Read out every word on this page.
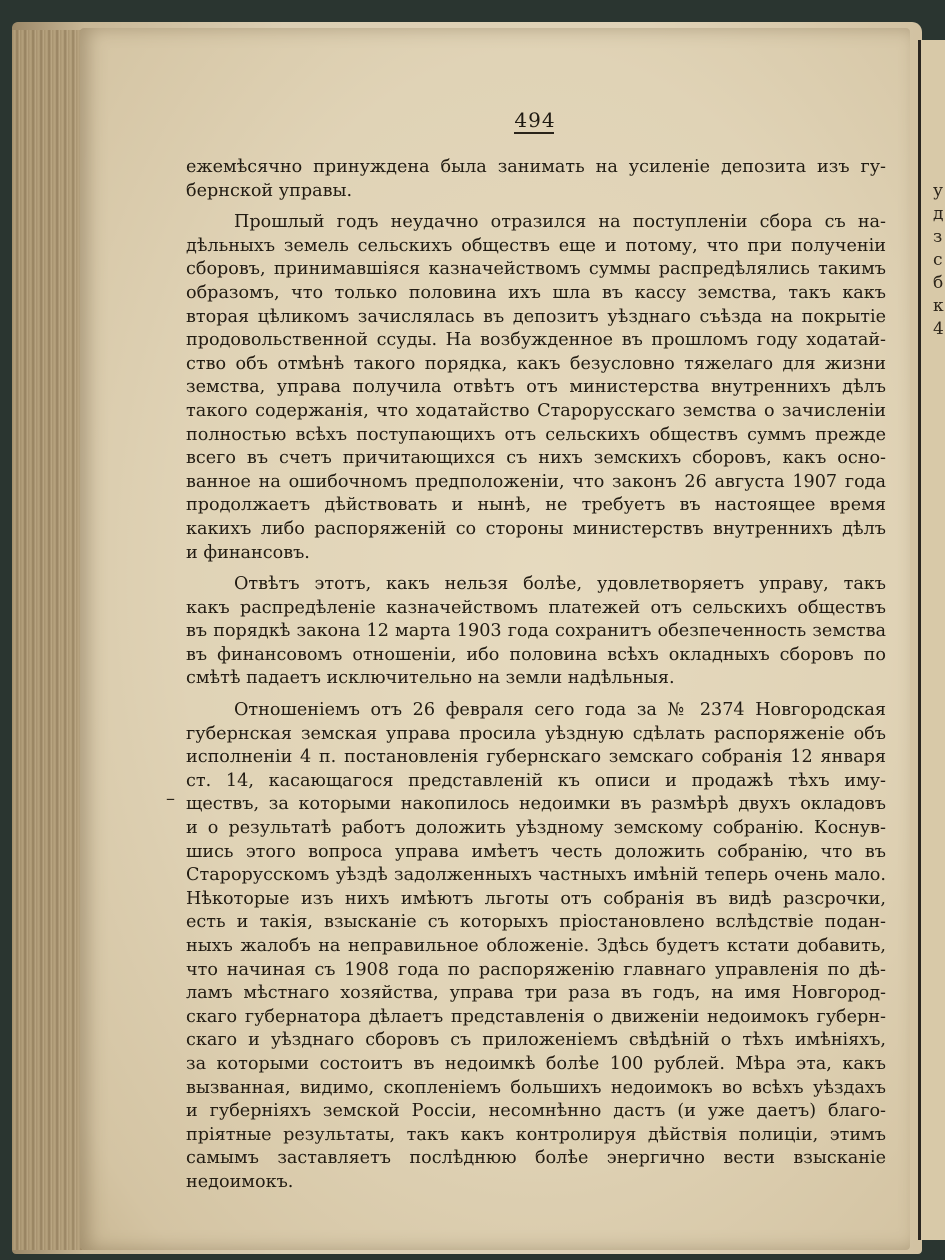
у
д
з
с
б
к
4
494
–
ежемѣсячно принуждена была занимать на усиленіе депозита изъ гу-
бернской управы.
Прошлый годъ неудачно отразился на поступленіи сбора съ на-
дѣльныхъ земель сельскихъ обществъ еще и потому, что при полученіи
сборовъ, принимавшіяся казначействомъ суммы распредѣлялись такимъ
образомъ, что только половина ихъ шла въ кассу земства, такъ какъ
вторая цѣликомъ зачислялась въ депозитъ уѣзднаго съѣзда на покрытіе
продовольственной ссуды. На возбужденное въ прошломъ году ходатай-
ство объ отмѣнѣ такого порядка, какъ безусловно тяжелаго для жизни
земства, управа получила отвѣтъ отъ министерства внутреннихъ дѣлъ
такого содержанія, что ходатайство Старорусскаго земства о зачисленіи
полностью всѣхъ поступающихъ отъ сельскихъ обществъ суммъ прежде
всего въ счетъ причитающихся съ нихъ земскихъ сборовъ, какъ осно-
ванное на ошибочномъ предположеніи, что законъ 26 августа 1907 года
продолжаетъ дѣйствовать и нынѣ, не требуетъ въ настоящее время
какихъ либо распоряженій со стороны министерствъ внутреннихъ дѣлъ
и финансовъ.
Отвѣтъ этотъ, какъ нельзя болѣе, удовлетворяетъ управу, такъ
какъ распредѣленіе казначействомъ платежей отъ сельскихъ обществъ
въ порядкѣ закона 12 марта 1903 года сохранитъ обезпеченность земства
въ финансовомъ отношеніи, ибо половина всѣхъ окладныхъ сборовъ по
смѣтѣ падаетъ исключительно на земли надѣльныя.
Отношеніемъ отъ 26 февраля сего года за № 2374 Новгородская
губернская земская управа просила уѣздную сдѣлать распоряженіе объ
исполненіи 4 п. постановленія губернскаго земскаго собранія 12 января
ст. 14, касающагося представленій къ описи и продажѣ тѣхъ иму-
ществъ, за которыми накопилось недоимки въ размѣрѣ двухъ окладовъ
и о результатѣ работъ доложить уѣздному земскому собранію. Коснув-
шись этого вопроса управа имѣетъ честь доложить собранію, что въ
Старорусскомъ уѣздѣ задолженныхъ частныхъ имѣній теперь очень мало.
Нѣкоторые изъ нихъ имѣютъ льготы отъ собранія въ видѣ разсрочки,
есть и такія, взысканіе съ которыхъ пріостановлено вслѣдствіе подан-
ныхъ жалобъ на неправильное обложеніе. Здѣсь будетъ кстати добавить,
что начиная съ 1908 года по распоряженію главнаго управленія по дѣ-
ламъ мѣстнаго хозяйства, управа три раза въ годъ, на имя Новгород-
скаго губернатора дѣлаетъ представленія о движеніи недоимокъ губерн-
скаго и уѣзднаго сборовъ съ приложеніемъ свѣдѣній о тѣхъ имѣніяхъ,
за которыми состоитъ въ недоимкѣ болѣе 100 рублей. Мѣра эта, какъ
вызванная, видимо, скопленіемъ большихъ недоимокъ во всѣхъ уѣздахъ
и губерніяхъ земской Россіи, несомнѣнно дастъ (и уже даетъ) благо-
пріятные результаты, такъ какъ контролируя дѣйствія полиціи, этимъ
самымъ заставляетъ послѣднюю болѣе энергично вести взысканіе
недоимокъ.
